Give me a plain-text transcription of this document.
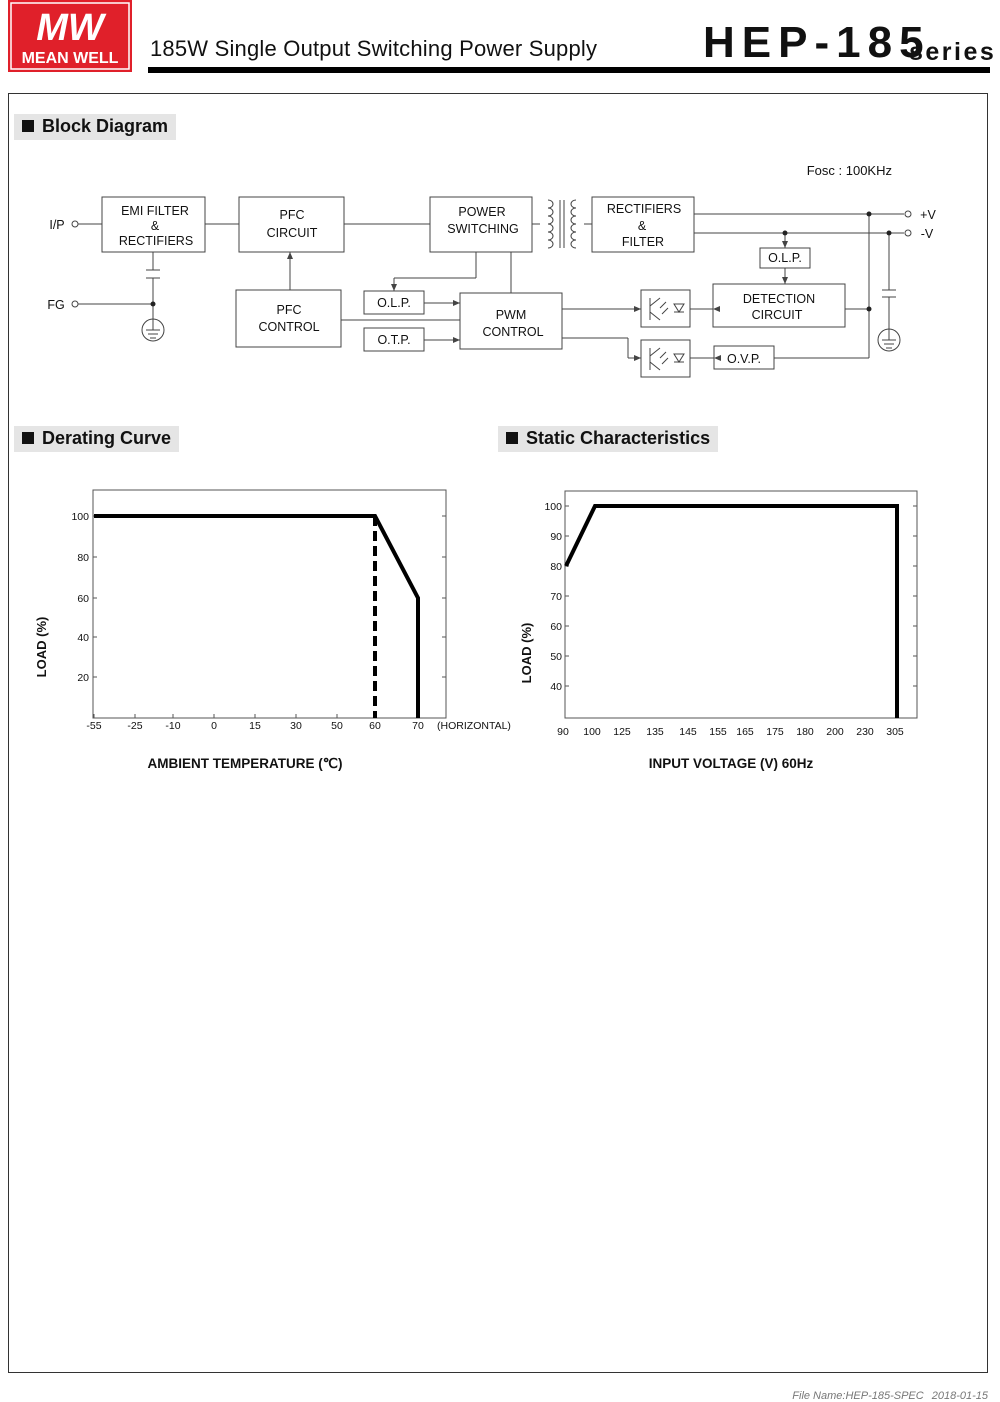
MW
MEAN WELL 185W Single Output Switching Power Supply HEP-185
series
Block Diagram
Derating Curve	Static Characteristics
Fosc : 100KHz
I/P
FG
EMI FILTER
&
RECTIFIERS
PFC
CIRCUIT
PFC
CONTROL
POWER
SWITCHING
RECTIFIERS
&
FILTER
O.L.P.
O.T.P.
PWM
CONTROL
DETECTION
CIRCUIT
O.V.P.
O.L.P.
+V
-V
100
80
60
40
20
-55 -25 -10	0	15	30	50	60	70 (HORIZONTAL)
AMBIENT TEMPERATURE (℃)
LOAD (%)
100
90
80
70
60
50
40
90 100 125 135 145 155 165 175 180 200 230 305
INPUT VOLTAGE (V) 60Hz
LOAD (%)
File Name:HEP-185-SPEC 2018-01-15
